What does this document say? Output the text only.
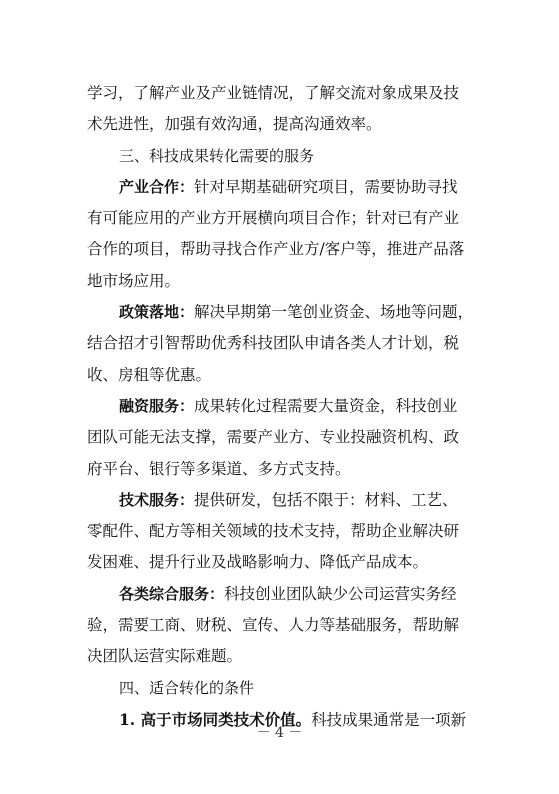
学习，了解产业及产业链情况，了解交流对象成果及技
术先进性，加强有效沟通，提高沟通效率。
三、科技成果转化需要的服务
产业合作：针对早期基础研究项目，需要协助寻找
有可能应用的产业方开展横向项目合作；针对已有产业
合作的项目，帮助寻找合作产业方/客户等，推进产品落
地市场应用。
政策落地：解决早期第一笔创业资金、场地等问题，
结合招才引智帮助优秀科技团队申请各类人才计划，税
收、房租等优惠。
融资服务：成果转化过程需要大量资金，科技创业
团队可能无法支撑，需要产业方、专业投融资机构、政
府平台、银行等多渠道、多方式支持。
技术服务：提供研发，包括不限于：材料、工艺、
零配件、配方等相关领域的技术支持，帮助企业解决研
发困难、提升行业及战略影响力、降低产品成本。
各类综合服务：科技创业团队缺少公司运营实务经
验，需要工商、财税、宣传、人力等基础服务，帮助解
决团队运营实际难题。
四、适合转化的条件
1. 高于市场同类技术价值。科技成果通常是一项新
－ 4 －
